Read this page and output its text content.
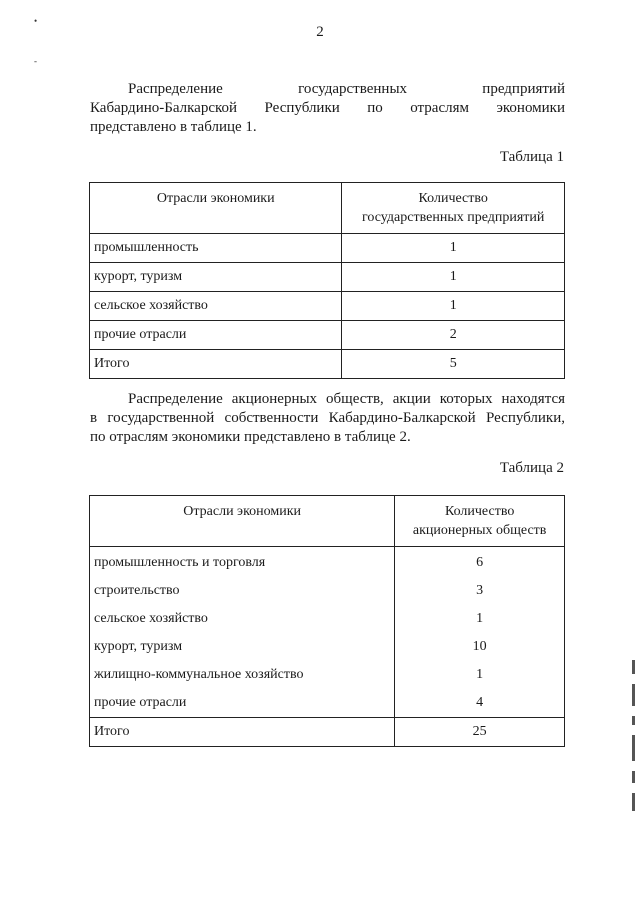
•
-
2
Распределение государственных предприятий
Кабардино-Балкарской Республики по отраслям экономики
представлено в таблице 1.
Таблица 1
Отрасли экономики	Количество
государственных предприятий
промышленность	1
курорт, туризм	1
сельское хозяйство	1
прочие отрасли	2
Итого	5
Распределение акционерных обществ, акции которых находятся
в государственной собственности Кабардино-Балкарской Республики,
по отраслям экономики представлено в таблице 2.
Таблица 2
Отрасли экономики	Количество
акционерных обществ
промышленность и торговля	6
строительство	3
сельское хозяйство	1
курорт, туризм	10
жилищно-коммунальное хозяйство	1
прочие отрасли	4
Итого	25
